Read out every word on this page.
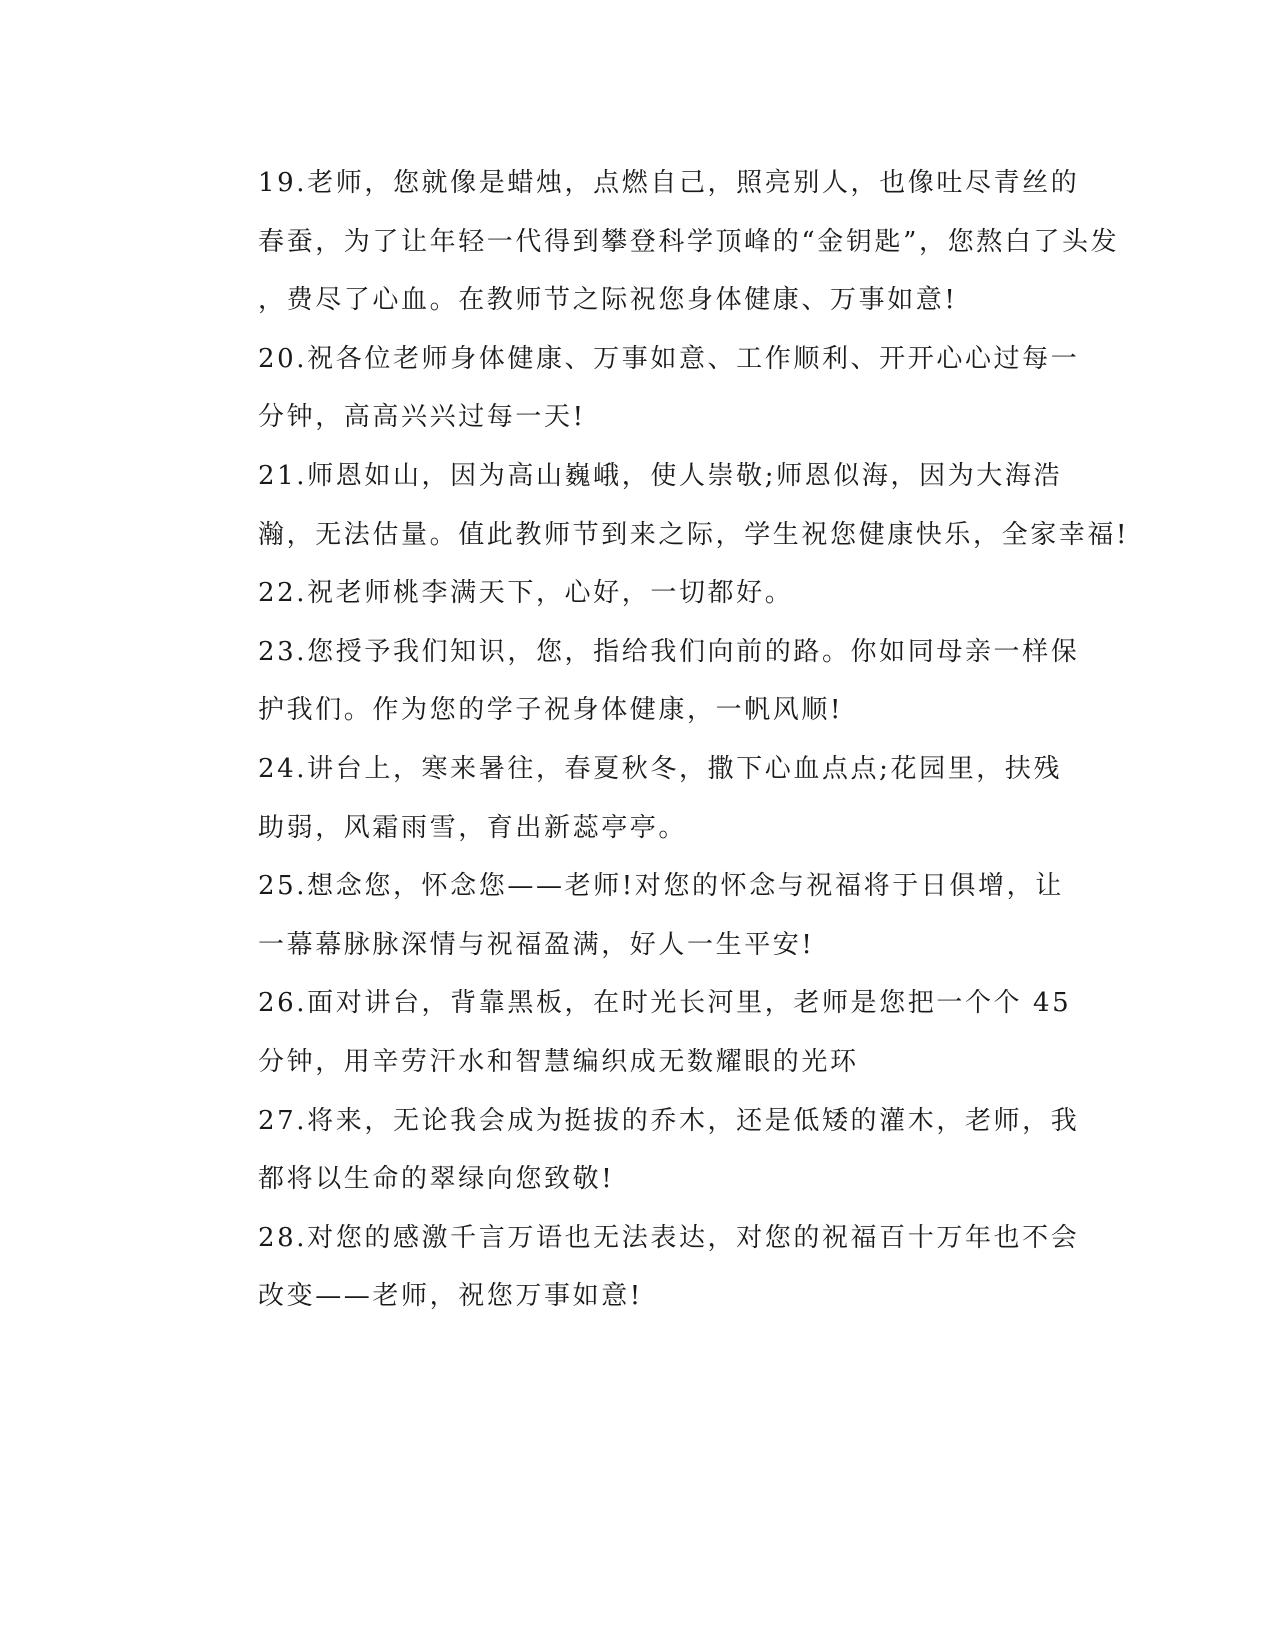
19.老师，您就像是蜡烛，点燃自己，照亮别人，也像吐尽青丝的
春蚕，为了让年轻一代得到攀登科学顶峰的“金钥匙”，您熬白了头发
，费尽了心血。在教师节之际祝您身体健康、万事如意!

20.祝各位老师身体健康、万事如意、工作顺利、开开心心过每一
分钟，高高兴兴过每一天!

21.师恩如山，因为高山巍峨，使人崇敬;师恩似海，因为大海浩
瀚，无法估量。值此教师节到来之际，学生祝您健康快乐，全家幸福!

22.祝老师桃李满天下，心好，一切都好。

23.您授予我们知识，您，指给我们向前的路。你如同母亲一样保
护我们。作为您的学子祝身体健康，一帆风顺!

24.讲台上，寒来暑往，春夏秋冬，撒下心血点点;花园里，扶残
助弱，风霜雨雪，育出新蕊亭亭。

25.想念您，怀念您——老师!对您的怀念与祝福将于日俱增，让
一幕幕脉脉深情与祝福盈满，好人一生平安!

26.面对讲台，背靠黑板，在时光长河里，老师是您把一个个 45
分钟，用辛劳汗水和智慧编织成无数耀眼的光环

27.将来，无论我会成为挺拔的乔木，还是低矮的灌木，老师，我
都将以生命的翠绿向您致敬!

28.对您的感激千言万语也无法表达，对您的祝福百十万年也不会
改变——老师，祝您万事如意!
